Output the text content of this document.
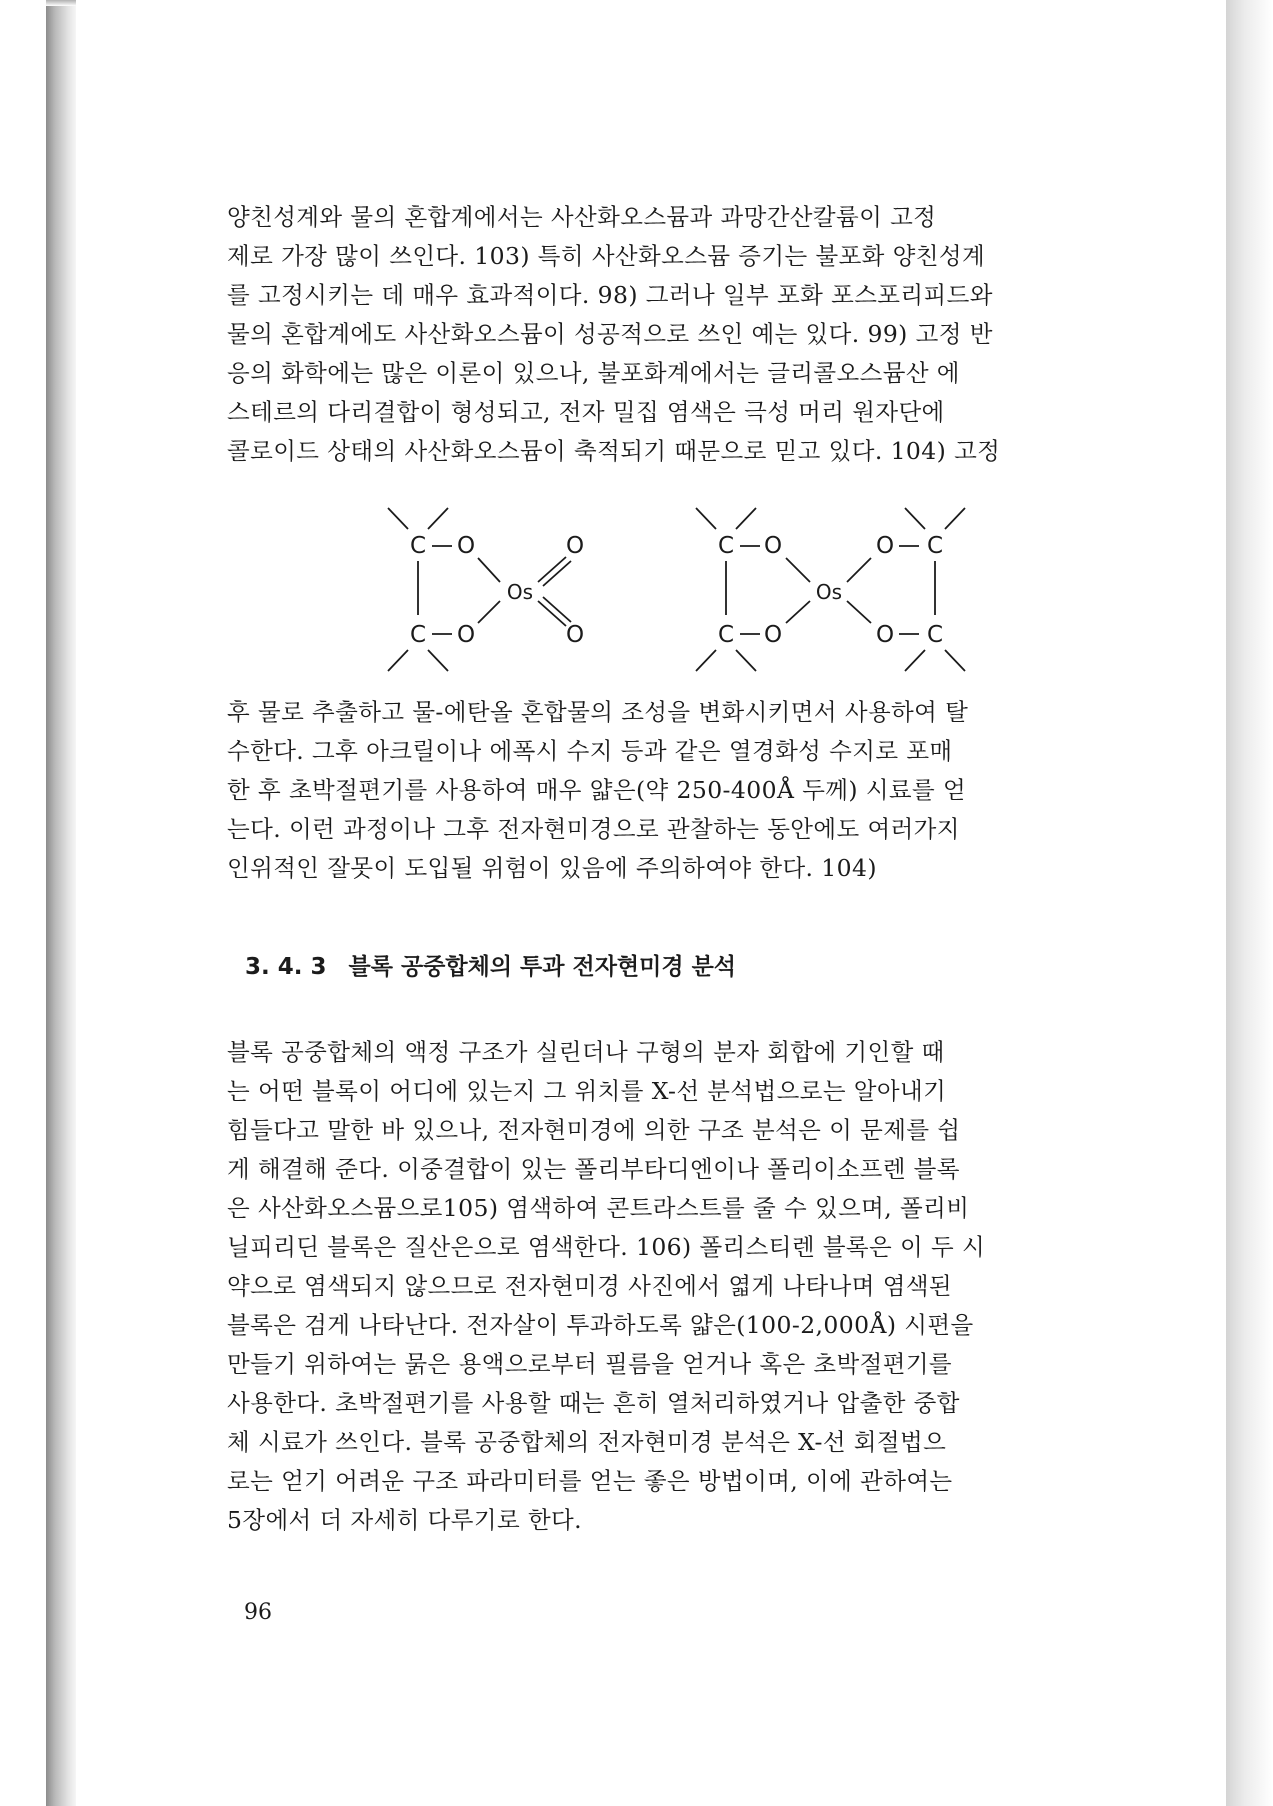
양친성계와 물의 혼합계에서는 사산화오스뮴과 과망간산칼륨이 고정
제로 가장 많이 쓰인다. 103) 특히 사산화오스뮴 증기는 불포화 양친성계
를 고정시키는 데 매우 효과적이다. 98) 그러나 일부 포화 포스포리피드와
물의 혼합계에도 사산화오스뮴이 성공적으로 쓰인 예는 있다. 99) 고정 반
응의 화학에는 많은 이론이 있으나, 불포화계에서는 글리콜오스뮴산 에
스테르의 다리결합이 형성되고, 전자 밀집 염색은 극성 머리 원자단에
콜로이드 상태의 사산화오스뮴이 축적되기 때문으로 믿고 있다. 104) 고정
C O
C O
Os
O
O
C O
C O
Os
O C
O C
후 물로 추출하고 물-에탄올 혼합물의 조성을 변화시키면서 사용하여 탈
수한다. 그후 아크릴이나 에폭시 수지 등과 같은 열경화성 수지로 포매
한 후 초박절편기를 사용하여 매우 얇은(약 250-400Å 두께) 시료를 얻
는다. 이런 과정이나 그후 전자현미경으로 관찰하는 동안에도 여러가지
인위적인 잘못이 도입될 위험이 있음에 주의하여야 한다. 104)
3. 4. 3 블록 공중합체의 투과 전자현미경 분석
블록 공중합체의 액정 구조가 실린더나 구형의 분자 회합에 기인할 때
는 어떤 블록이 어디에 있는지 그 위치를 X-선 분석법으로는 알아내기
힘들다고 말한 바 있으나, 전자현미경에 의한 구조 분석은 이 문제를 쉽
게 해결해 준다. 이중결합이 있는 폴리부타디엔이나 폴리이소프렌 블록
은 사산화오스뮴으로105) 염색하여 콘트라스트를 줄 수 있으며, 폴리비
닐피리딘 블록은 질산은으로 염색한다. 106) 폴리스티렌 블록은 이 두 시
약으로 염색되지 않으므로 전자현미경 사진에서 엷게 나타나며 염색된
블록은 검게 나타난다. 전자살이 투과하도록 얇은(100-2,000Å) 시편을
만들기 위하여는 묽은 용액으로부터 필름을 얻거나 혹은 초박절편기를
사용한다. 초박절편기를 사용할 때는 흔히 열처리하였거나 압출한 중합
체 시료가 쓰인다. 블록 공중합체의 전자현미경 분석은 X-선 회절법으
로는 얻기 어려운 구조 파라미터를 얻는 좋은 방법이며, 이에 관하여는
5장에서 더 자세히 다루기로 한다.
96
